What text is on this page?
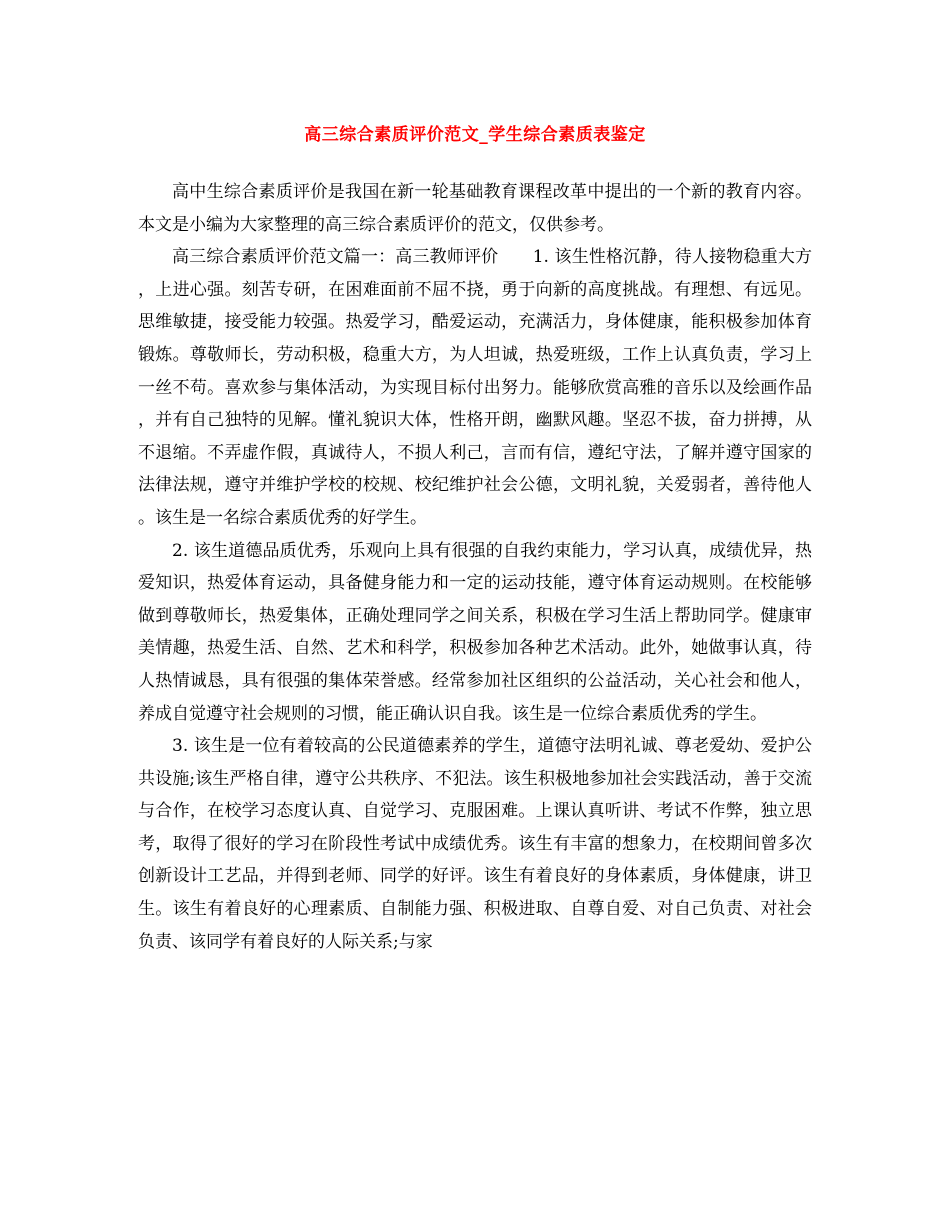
高三综合素质评价范文_学生综合素质表鉴定

高中生综合素质评价是我国在新一轮基础教育课程改革中提出的一个新的教育内容。本文是小编为大家整理的高三综合素质评价的范文，仅供参考。

高三综合素质评价范文篇一：高三教师评价　　1. 该生性格沉静，待人接物稳重大方，上进心强。刻苦专研，在困难面前不屈不挠，勇于向新的高度挑战。有理想、有远见。思维敏捷，接受能力较强。热爱学习，酷爱运动，充满活力，身体健康，能积极参加体育锻炼。尊敬师长，劳动积极，稳重大方，为人坦诚，热爱班级，工作上认真负责，学习上一丝不苟。喜欢参与集体活动，为实现目标付出努力。能够欣赏高雅的音乐以及绘画作品，并有自己独特的见解。懂礼貌识大体，性格开朗，幽默风趣。坚忍不拔，奋力拼搏，从不退缩。不弄虚作假，真诚待人，不损人利己，言而有信，遵纪守法，了解并遵守国家的法律法规，遵守并维护学校的校规、校纪维护社会公德，文明礼貌，关爱弱者，善待他人。该生是一名综合素质优秀的好学生。

2. 该生道德品质优秀，乐观向上具有很强的自我约束能力，学习认真，成绩优异，热爱知识，热爱体育运动，具备健身能力和一定的运动技能，遵守体育运动规则。在校能够做到尊敬师长，热爱集体，正确处理同学之间关系，积极在学习生活上帮助同学。健康审美情趣，热爱生活、自然、艺术和科学，积极参加各种艺术活动。此外，她做事认真，待人热情诚恳，具有很强的集体荣誉感。经常参加社区组织的公益活动，关心社会和他人，养成自觉遵守社会规则的习惯，能正确认识自我。该生是一位综合素质优秀的学生。

3. 该生是一位有着较高的公民道德素养的学生，道德守法明礼诚、尊老爱幼、爱护公共设施;该生严格自律，遵守公共秩序、不犯法。该生积极地参加社会实践活动，善于交流与合作，在校学习态度认真、自觉学习、克服困难。上课认真听讲、考试不作弊，独立思考，取得了很好的学习在阶段性考试中成绩优秀。该生有丰富的想象力，在校期间曾多次创新设计工艺品，并得到老师、同学的好评。该生有着良好的身体素质，身体健康，讲卫生。该生有着良好的心理素质、自制能力强、积极进取、自尊自爱、对自己负责、对社会负责、该同学有着良好的人际关系;与家
